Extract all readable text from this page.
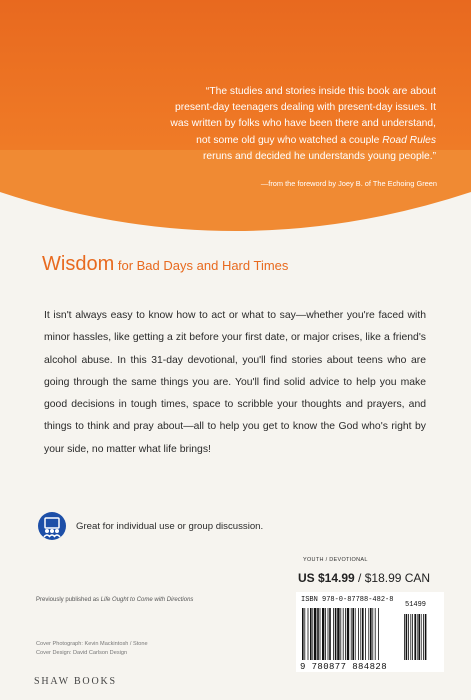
“The studies and stories inside this book are about

present-day teenagers dealing with present-day issues. It

was written by folks who have been there and understand,

not some old guy who watched a couple Road Rules

reruns and decided he understands young people.”

—from the foreword by Joey B. of The Echoing Green
Wisdom for Bad Days and Hard Times
It isn't always easy to know how to act or what to say—whether you're faced with minor hassles, like getting a zit before your first date, or major crises, like a friend's alcohol abuse. In this 31-day devotional, you'll find stories about teens who are going through the same things you are. You'll find solid advice to help you make good decisions in tough times, space to scribble your thoughts and prayers, and things to think and pray about—all to help you get to know the God who's right by your side, no matter what life brings!
Great for individual use or group discussion.
YOUTH / DEVOTIONAL
US $14.99 / $18.99 CAN
ISBN 978-0-87788-482-8
51499
9 780877 884828
Previously published as Life Ought to Come with Directions
Cover Photograph: Kevin Mackintosh / Stone
Cover Design: David Carlson Design
SHAW BOOKS
